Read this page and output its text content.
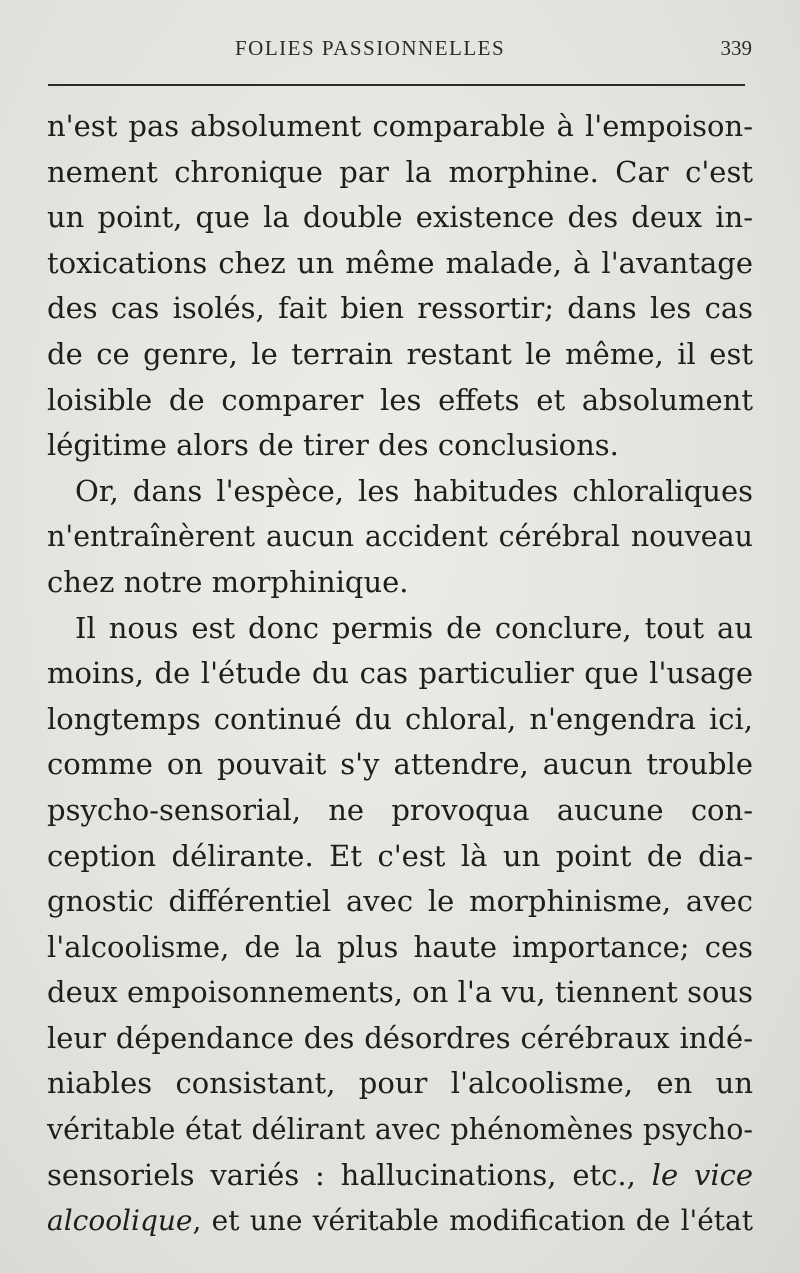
FOLIES PASSIONNELLES	339
n'est pas absolument comparable à l'empoison-
nement chronique par la morphine. Car c'est
un point, que la double existence des deux in-
toxications chez un même malade, à l'avantage
des cas isolés, fait bien ressortir; dans les cas
de ce genre, le terrain restant le même, il est
loisible de comparer les effets et absolument
légitime alors de tirer des conclusions.
Or, dans l'espèce, les habitudes chloraliques
n'entraînèrent aucun accident cérébral nouveau
chez notre morphinique.
Il nous est donc permis de conclure, tout au
moins, de l'étude du cas particulier que l'usage
longtemps continué du chloral, n'engendra ici,
comme on pouvait s'y attendre, aucun trouble
psycho-sensorial, ne provoqua aucune con-
ception délirante. Et c'est là un point de dia-
gnostic différentiel avec le morphinisme, avec
l'alcoolisme, de la plus haute importance; ces
deux empoisonnements, on l'a vu, tiennent sous
leur dépendance des désordres cérébraux indé-
niables consistant, pour l'alcoolisme, en un
véritable état délirant avec phénomènes psycho-
sensoriels variés : hallucinations, etc., le vice
alcoolique, et une véritable modification de l'état
